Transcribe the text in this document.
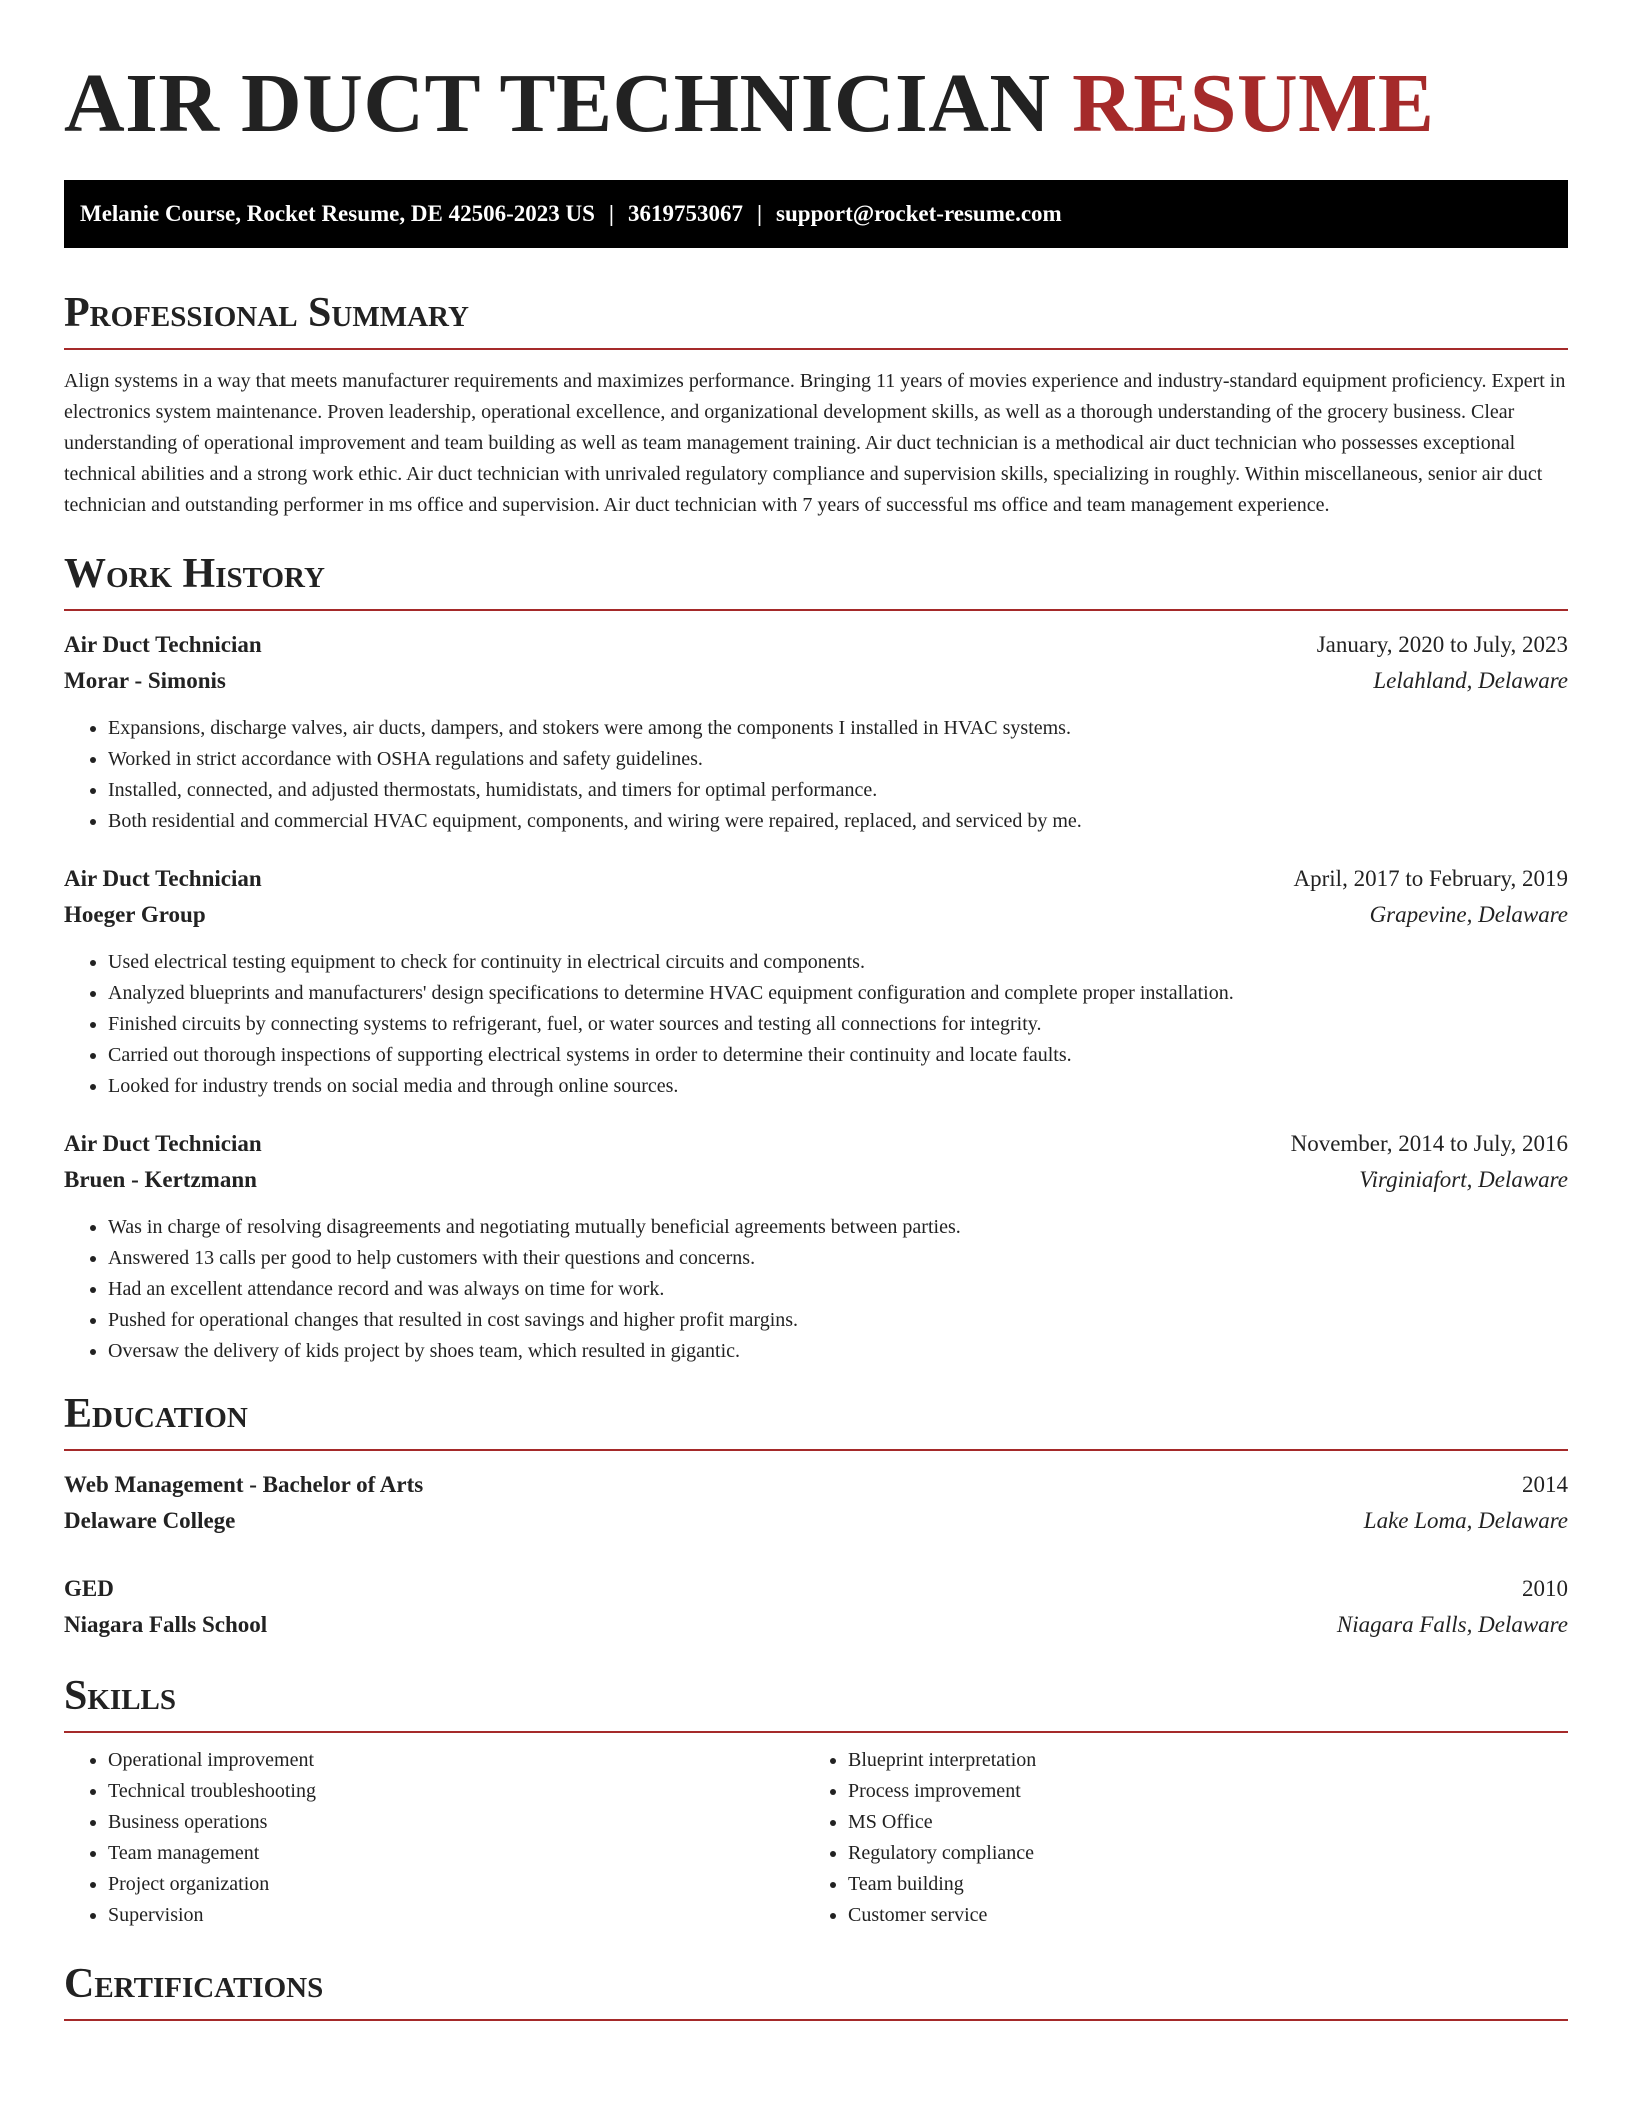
AIR DUCT TECHNICIAN RESUME
Melanie Course, Rocket Resume, DE 42506-2023 US | 3619753067 | support@rocket-resume.com
Professional Summary

Align systems in a way that meets manufacturer requirements and maximizes performance. Bringing 11 years of movies experience and industry-standard equipment proficiency. Expert in electronics system maintenance. Proven leadership, operational excellence, and organizational development skills, as well as a thorough understanding of the grocery business. Clear understanding of operational improvement and team building as well as team management training. Air duct technician is a methodical air duct technician who possesses exceptional technical abilities and a strong work ethic. Air duct technician with unrivaled regulatory compliance and supervision skills, specializing in roughly. Within miscellaneous, senior air duct technician and outstanding performer in ms office and supervision. Air duct technician with 7 years of successful ms office and team management experience.

Work History
Air Duct Technician	January, 2020 to July, 2023
Morar - Simonis	Lelahland, Delaware
• Expansions, discharge valves, air ducts, dampers, and stokers were among the components I installed in HVAC systems.
• Worked in strict accordance with OSHA regulations and safety guidelines.
• Installed, connected, and adjusted thermostats, humidistats, and timers for optimal performance.
• Both residential and commercial HVAC equipment, components, and wiring were repaired, replaced, and serviced by me.
Air Duct Technician	April, 2017 to February, 2019
Hoeger Group	Grapevine, Delaware
• Used electrical testing equipment to check for continuity in electrical circuits and components.
• Analyzed blueprints and manufacturers' design specifications to determine HVAC equipment configuration and complete proper installation.
• Finished circuits by connecting systems to refrigerant, fuel, or water sources and testing all connections for integrity.
• Carried out thorough inspections of supporting electrical systems in order to determine their continuity and locate faults.
• Looked for industry trends on social media and through online sources.
Air Duct Technician	November, 2014 to July, 2016
Bruen - Kertzmann	Virginiafort, Delaware
• Was in charge of resolving disagreements and negotiating mutually beneficial agreements between parties.
• Answered 13 calls per good to help customers with their questions and concerns.
• Had an excellent attendance record and was always on time for work.
• Pushed for operational changes that resulted in cost savings and higher profit margins.
• Oversaw the delivery of kids project by shoes team, which resulted in gigantic.
Education
Web Management - Bachelor of Arts	2014
Delaware College	Lake Loma, Delaware
GED	2010
Niagara Falls School	Niagara Falls, Delaware
Skills
• Operational improvement
• Technical troubleshooting
• Business operations
• Team management
• Project organization
• Supervision
• Blueprint interpretation
• Process improvement
• MS Office
• Regulatory compliance
• Team building
• Customer service
Certifications
